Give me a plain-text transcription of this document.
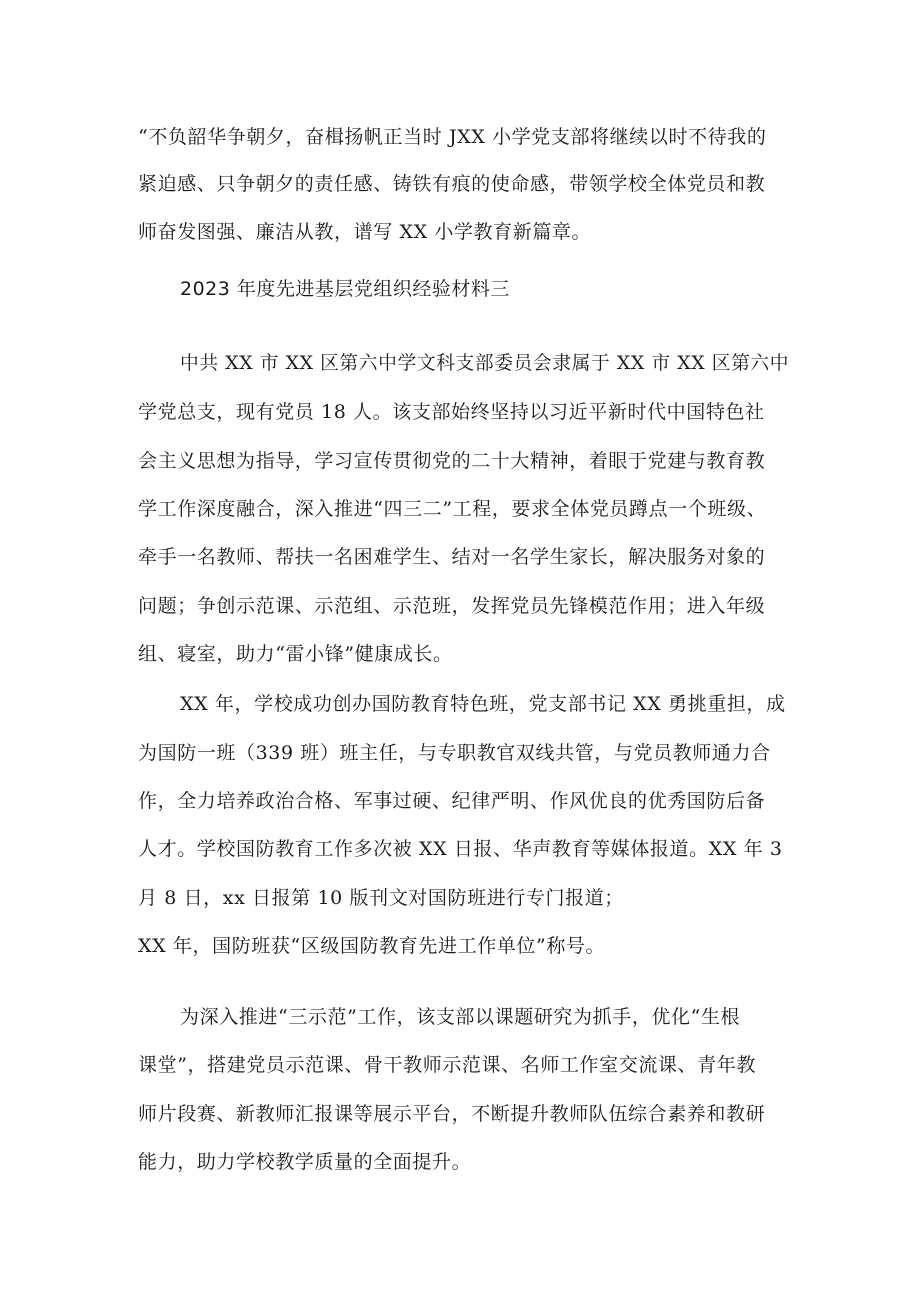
“不负韶华争朝夕，奋楫扬帆正当时 JXX 小学党支部将继续以时不待我的
紧迫感、只争朝夕的责任感、铸铁有痕的使命感，带领学校全体党员和教
师奋发图强、廉洁从教，谱写 XX 小学教育新篇章。
2023 年度先进基层党组织经验材料三
中共 XX 市 XX 区第六中学文科支部委员会隶属于 XX 市 XX 区第六中
学党总支，现有党员 18 人。该支部始终坚持以习近平新时代中国特色社
会主义思想为指导，学习宣传贯彻党的二十大精神，着眼于党建与教育教
学工作深度融合，深入推进“四三二”工程，要求全体党员蹲点一个班级、
牵手一名教师、帮扶一名困难学生、结对一名学生家长，解决服务对象的
问题；争创示范课、示范组、示范班，发挥党员先锋模范作用；进入年级
组、寝室，助力“雷小锋”健康成长。
XX 年，学校成功创办国防教育特色班，党支部书记 XX 勇挑重担，成
为国防一班（339 班）班主任，与专职教官双线共管，与党员教师通力合
作，全力培养政治合格、军事过硬、纪律严明、作风优良的优秀国防后备
人才。学校国防教育工作多次被 XX 日报、华声教育等媒体报道。XX 年 3
月 8 日，xx 日报第 10 版刊文对国防班进行专门报道；
XX 年，国防班获“区级国防教育先进工作单位”称号。
为深入推进“三示范”工作，该支部以课题研究为抓手，优化“生根
课堂”，搭建党员示范课、骨干教师示范课、名师工作室交流课、青年教
师片段赛、新教师汇报课等展示平台，不断提升教师队伍综合素养和教研
能力，助力学校教学质量的全面提升。
